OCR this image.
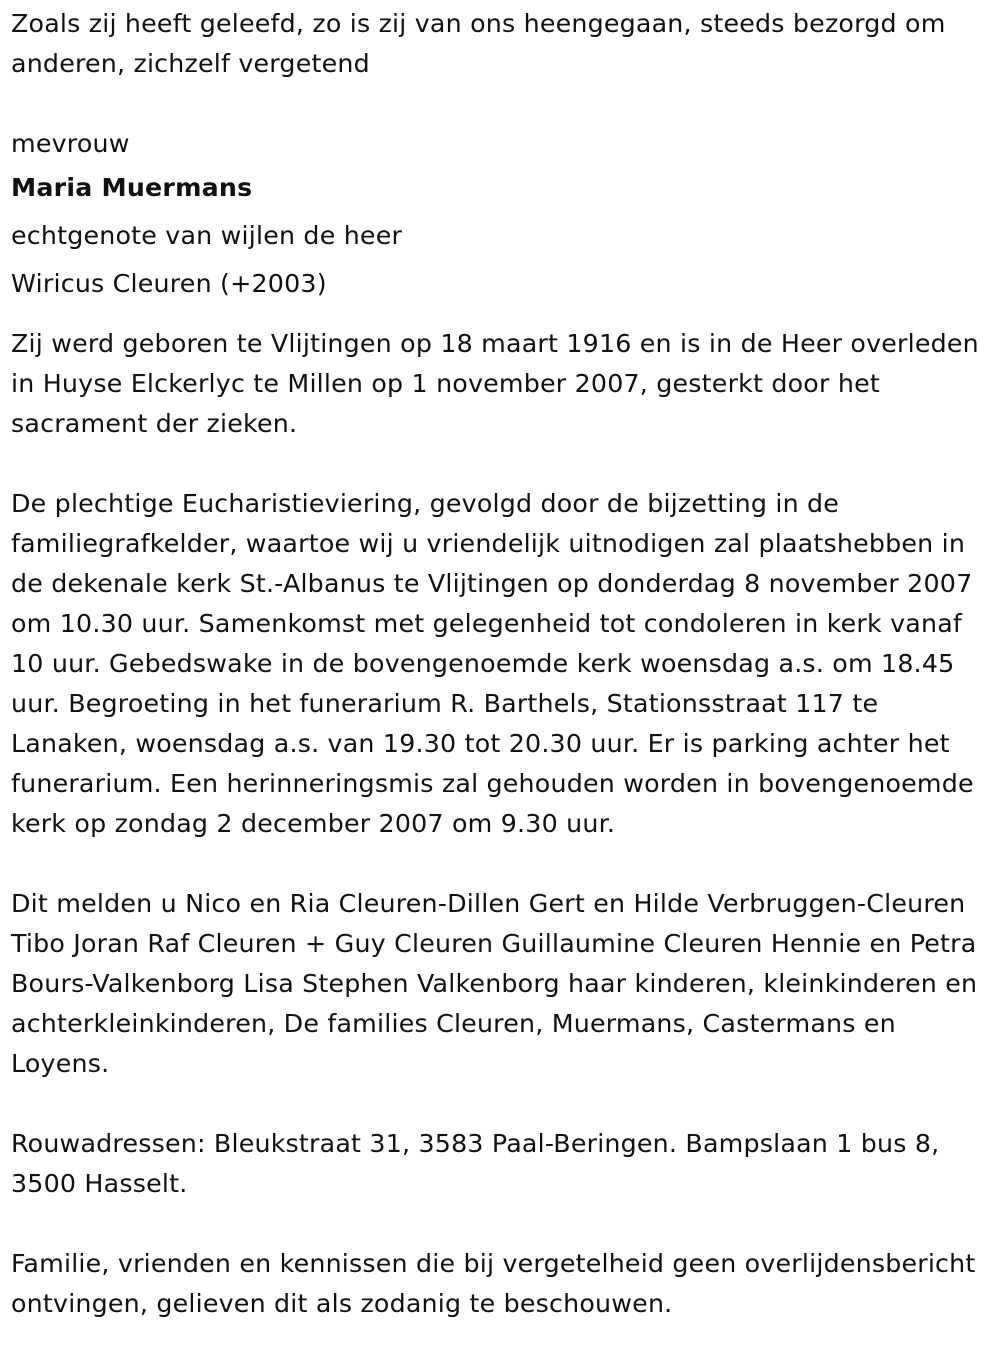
Zoals zij heeft geleefd, zo is zij van ons heengegaan, steeds bezorgd om anderen, zichzelf vergetend

mevrouw

Maria Muermans

echtgenote van wijlen de heer

Wiricus Cleuren (+2003)

Zij werd geboren te Vlijtingen op 18 maart 1916 en is in de Heer overleden in Huyse Elckerlyc te Millen op 1 november 2007, gesterkt door het sacrament der zieken.

De plechtige Eucharistieviering, gevolgd door de bijzetting in de familiegrafkelder, waartoe wij u vriendelijk uitnodigen zal plaatshebben in de dekenale kerk St.-Albanus te Vlijtingen op donderdag 8 november 2007 om 10.30 uur. Samenkomst met gelegenheid tot condoleren in kerk vanaf 10 uur. Gebedswake in de bovengenoemde kerk woensdag a.s. om 18.45 uur. Begroeting in het funerarium R. Barthels, Stationsstraat 117 te Lanaken, woensdag a.s. van 19.30 tot 20.30 uur. Er is parking achter het funerarium. Een herinneringsmis zal gehouden worden in bovengenoemde kerk op zondag 2 december 2007 om 9.30 uur.

Dit melden u Nico en Ria Cleuren-Dillen Gert en Hilde Verbruggen-Cleuren Tibo Joran Raf Cleuren + Guy Cleuren Guillaumine Cleuren Hennie en Petra Bours-Valkenborg Lisa Stephen Valkenborg haar kinderen, kleinkinderen en achterkleinkinderen, De families Cleuren, Muermans, Castermans en Loyens.

Rouwadressen: Bleukstraat 31, 3583 Paal-Beringen. Bampslaan 1 bus 8, 3500 Hasselt.

Familie, vrienden en kennissen die bij vergetelheid geen overlijdensbericht ontvingen, gelieven dit als zodanig te beschouwen.
